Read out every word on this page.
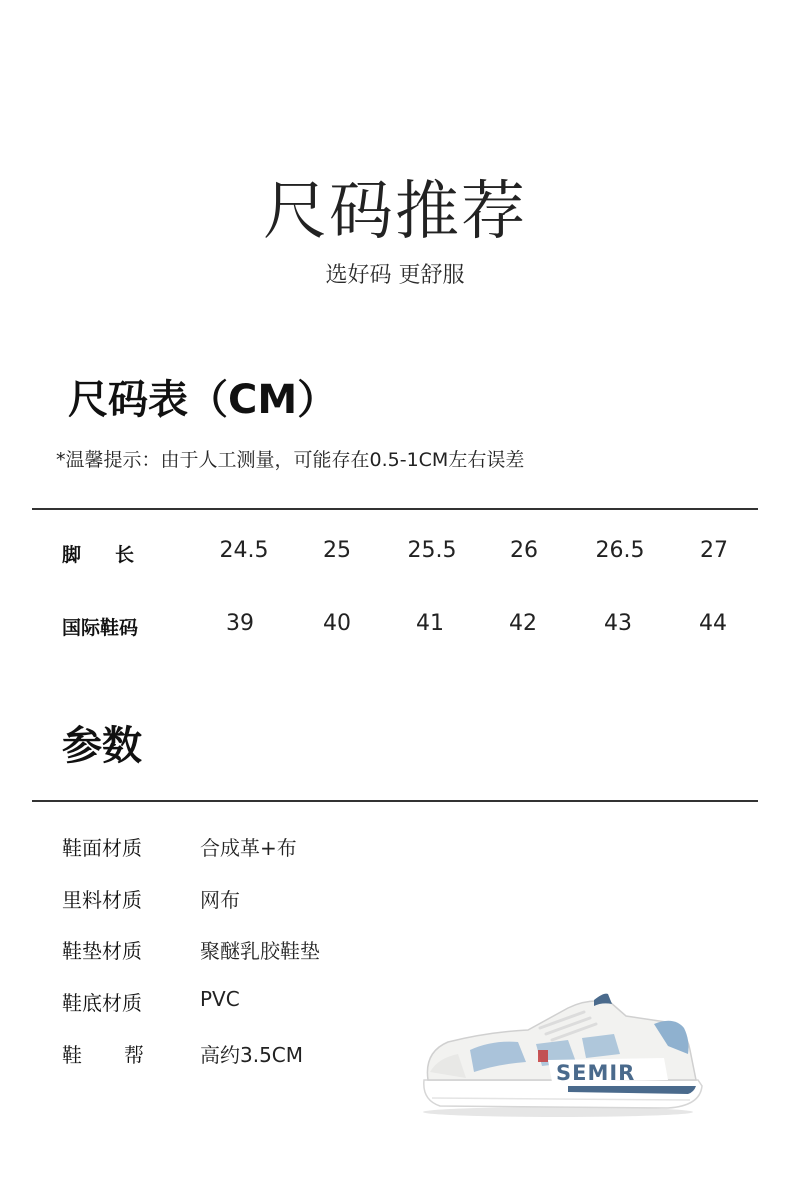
尺码推荐
选好码 更舒服
尺码表（CM）
*温馨提示：由于人工测量，可能存在0.5-1CM左右误差
脚长	24.5	25	25.5	26	26.5	27
国际鞋码	39	40	41	42	43	44
参数
鞋面材质	合成革+布
里料材质	网布
鞋垫材质	聚醚乳胶鞋垫
鞋底材质	PVC
鞋帮 高约3.5CM
SEMIR
